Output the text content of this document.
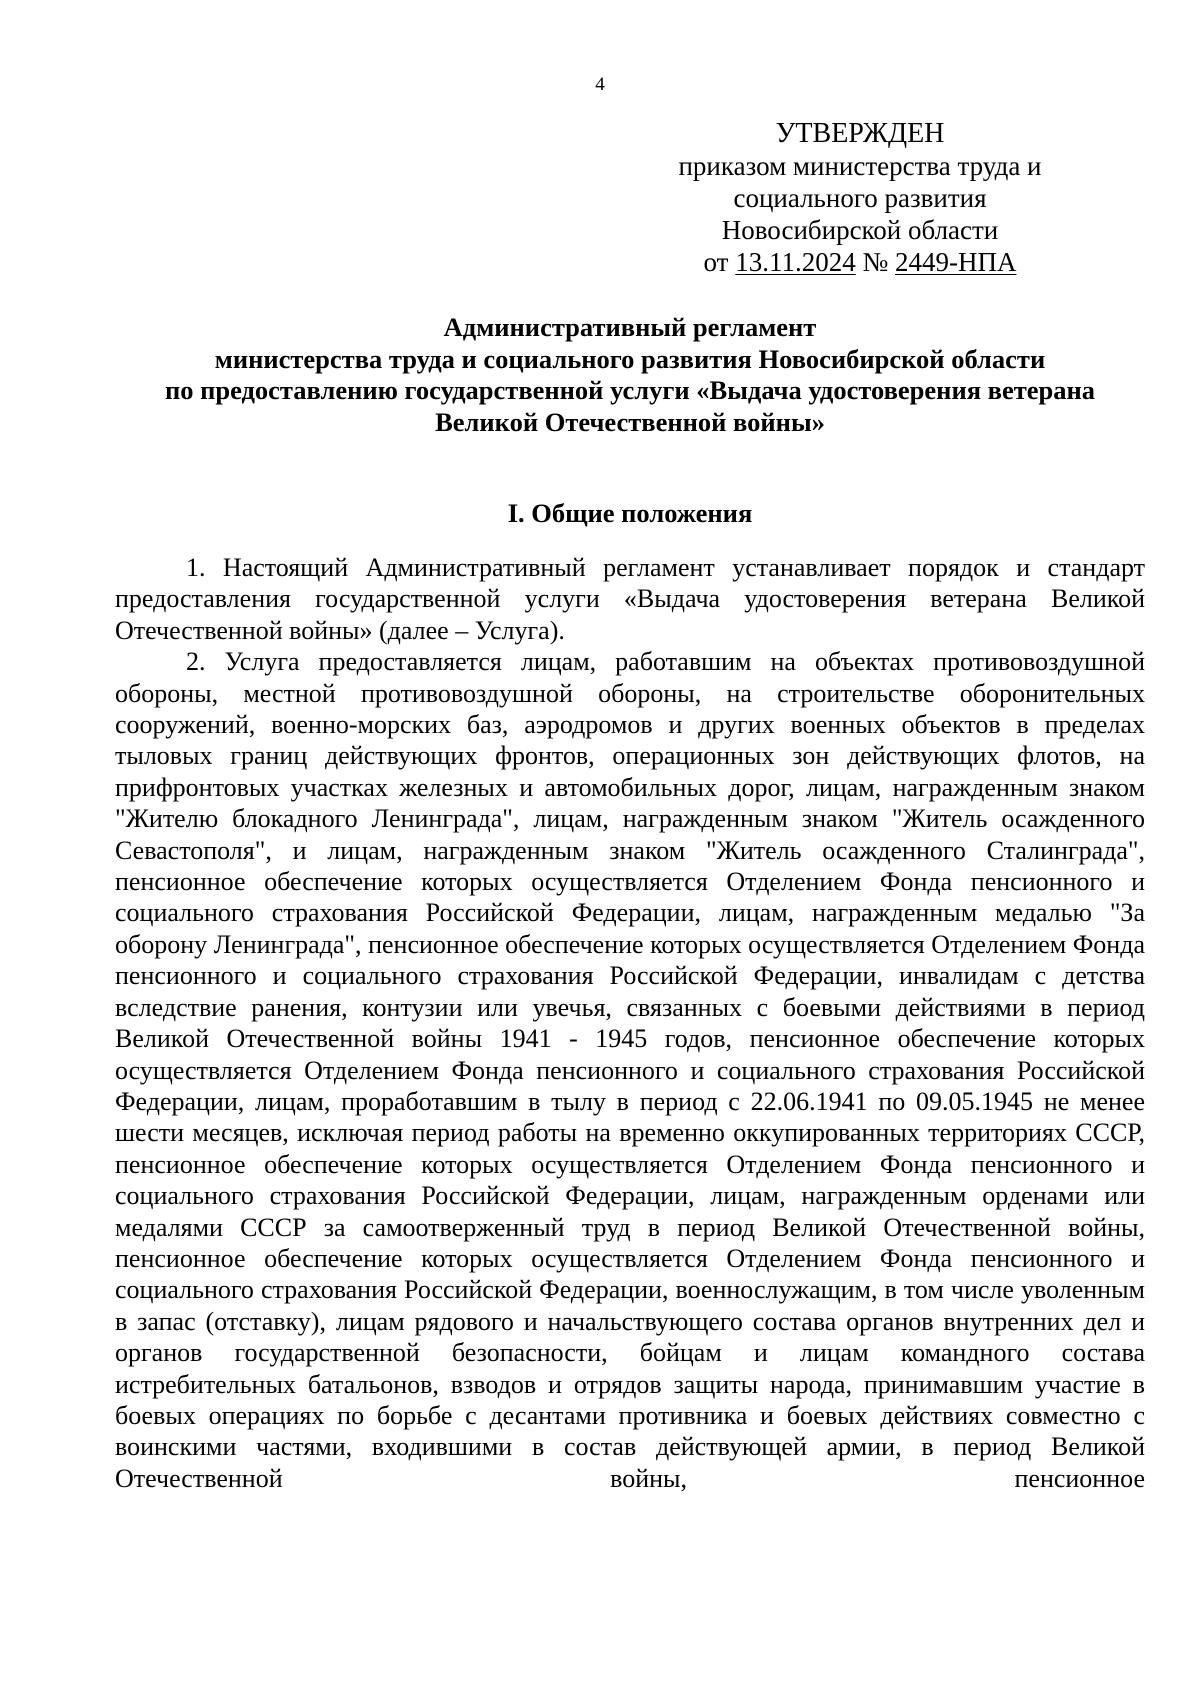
4
УТВЕРЖДЕН
приказом министерства труда и
социального развития
Новосибирской области
от 13.11.2024 № 2449-НПА
Административный регламент
министерства труда и социального развития Новосибирской области
по предоставлению государственной услуги «Выдача удостоверения ветерана
Великой Отечественной войны»
I. Общие положения

1. Настоящий Административный регламент устанавливает порядок и стандарт предоставления государственной услуги «Выдача удостоверения ветерана Великой Отечественной войны» (далее – Услуга).

2. Услуга предоставляется лицам, работавшим на объектах противовоздушной обороны, местной противовоздушной обороны, на строительстве оборонительных сооружений, военно-морских баз, аэродромов и других военных объектов в пределах тыловых границ действующих фронтов, операционных зон действующих флотов, на прифронтовых участках железных и автомобильных дорог, лицам, награжденным знаком "Жителю блокадного Ленинграда", лицам, награжденным знаком "Житель осажденного Севастополя", и лицам, награжденным знаком "Житель осажденного Сталинграда", пенсионное обеспечение которых осуществляется Отделением Фонда пенсионного и социального страхования Российской Федерации, лицам, награжденным медалью "За оборону Ленинграда", пенсионное обеспечение которых осуществляется Отделением Фонда пенсионного и социального страхования Российской Федерации, инвалидам с детства вследствие ранения, контузии или увечья, связанных с боевыми действиями в период Великой Отечественной войны 1941 - 1945 годов, пенсионное обеспечение которых осуществляется Отделением Фонда пенсионного и социального страхования Российской Федерации, лицам, проработавшим в тылу в период с 22.06.1941 по 09.05.1945 не менее шести месяцев, исключая период работы на временно оккупированных территориях СССР, пенсионное обеспечение которых осуществляется Отделением Фонда пенсионного и социального страхования Российской Федерации, лицам, награжденным орденами или медалями СССР за самоотверженный труд в период Великой Отечественной войны, пенсионное обеспечение которых осуществляется Отделением Фонда пенсионного и социального страхования Российской Федерации, военнослужащим, в том числе уволенным в запас (отставку), лицам рядового и начальствующего состава органов внутренних дел и органов государственной безопасности, бойцам и лицам командного состава истребительных батальонов, взводов и отрядов защиты народа, принимавшим участие в боевых операциях по борьбе с десантами противника и боевых действиях совместно с воинскими частями, входившими в состав действующей армии, в период Великой Отечественной войны, пенсионное
